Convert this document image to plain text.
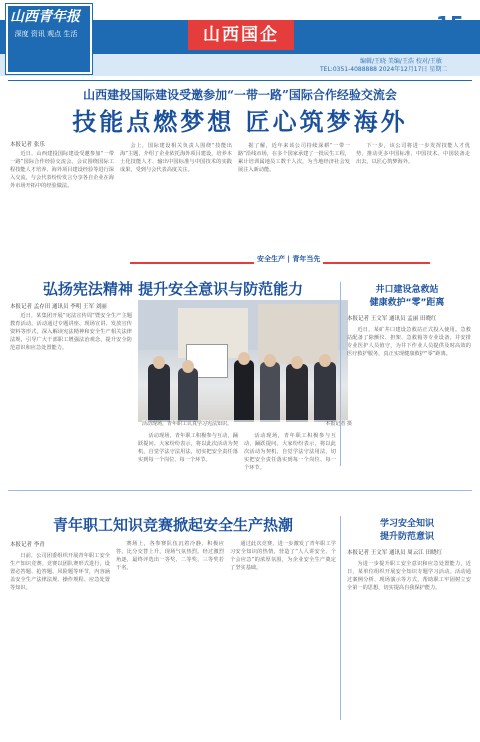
山西青年报
深度 资讯 观点 生活	山西国企	15
编辑/王晓 美编/王浩 校对/王敏
TEL:0351-4088888 2024年12月17日 星期二
山西建投国际建设受邀参加“一带一路”国际合作经验交流会
技能点燃梦想 匠心筑梦海外
本报记者 张乐

近日，山西建投国际建设受邀参加“一带一路”国际合作经验交流会。会议围绕国际工程技能人才培养、海外项目建设经验等进行深入交流，与会代表纷纷发言分享各自企业在海外市场开拓中的经验做法。

会上，国际建设相关负责人围绕“技能出海”主题，介绍了企业依托海外项目建设，培养本土化技能人才、输出中国标准与中国技术的实践成果，受到与会代表高度关注。

据了解，近年来该公司持续深耕“一带一路”沿线市场，在多个国家承建了一批民生工程，累计培训属地员工数千人次，为当地经济社会发展注入新动能。

下一步，该公司将进一步发挥技能人才优势，推动更多中国标准、中国技术、中国装备走出去，以匠心筑梦海外。

安全生产 | 青年当先
弘扬宪法精神 提升安全意识与防范能力
本报记者 孟存田 通讯员 李明 王军 刘丽

近日，某集团开展“宪法宣传周”暨安全生产主题教育活动。活动通过专题讲座、现场宣讲、发放宣传资料等形式，深入解读宪法精神和安全生产相关法律法规，引导广大干部职工增强法治观念，提升安全防范意识和应急处置能力。

活动现场，青年职工积极参与互动，踊跃提问。大家纷纷表示，将以此次活动为契机，自觉学法守法用法，切实把安全责任落实到每一个岗位、每一个环节。

活动现场，青年职工积极参与互动，踊跃提问。大家纷纷表示，将以此次活动为契机，自觉学法守法用法，切实把安全责任落实到每一个岗位、每一个环节。

活动现场，青年职工认真学习宪法知识。	本报记者 摄
井口建设急救站
健康救护“零”距离
本报记者 王文军 通讯员 孟丽 田晓红

近日，某矿井口建设急救站正式投入使用。急救站配备了除颤仪、担架、急救箱等专业设备，并安排专业医护人员值守，为井下作业人员提供及时高效的医疗救护服务，真正实现健康救护“零”距离。

青年职工知识竞赛掀起安全生产热潮
本报记者 李青

日前，公司团委组织开展青年职工安全生产知识竞赛。竞赛以团队赛形式进行，设置必答题、抢答题、风险题等环节，内容涵盖安全生产法律法规、操作规程、应急处置等知识。

赛场上，各参赛队伍沉着冷静、积极应答，比分交替上升，现场气氛热烈。经过激烈角逐，最终评选出一等奖、二等奖、三等奖若干名。

通过此次竞赛，进一步激发了青年职工学习安全知识的热情，营造了“人人讲安全、个个会应急”的浓厚氛围，为企业安全生产奠定了坚实基础。

学习安全知识
提升防范意识
本报记者 王文军 通讯员 周云江 田晓红

为进一步提升职工安全意识和应急处置能力，近日，某单位组织开展安全知识专题学习活动。活动通过案例分析、现场演示等方式，帮助职工牢固树立安全第一的思想，切实提高自我保护能力。
